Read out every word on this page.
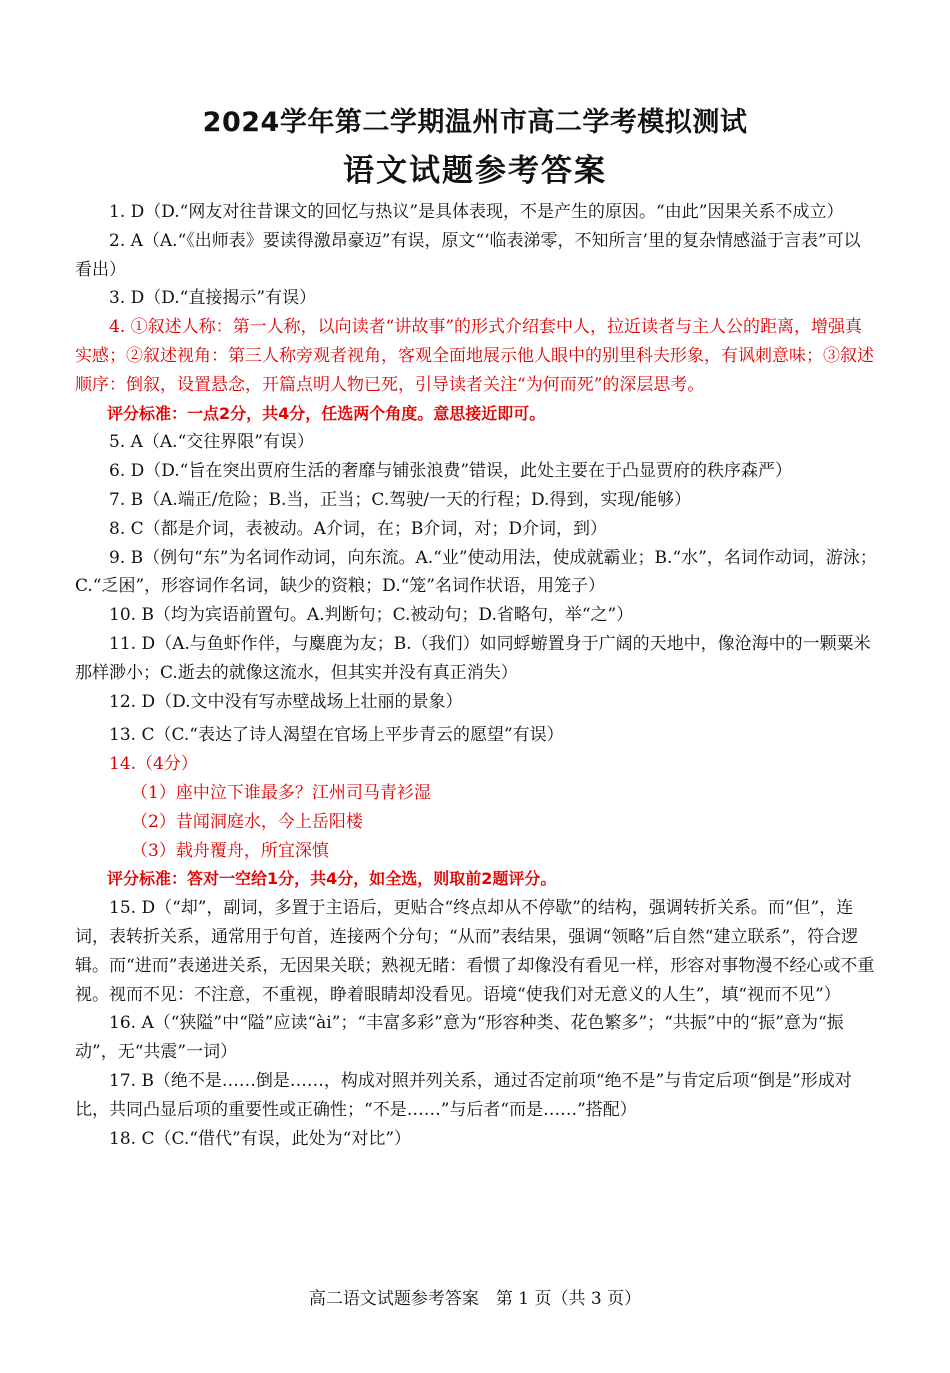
2024学年第二学期温州市高二学考模拟测试
语文试题参考答案

1. D（D.“网友对往昔课文的回忆与热议”是具体表现，不是产生的原因。“由此”因果关系不成立）

2. A（A.“《出师表》要读得激昂豪迈”有误，原文“‘临表涕零，不知所言’里的复杂情感溢于言表”可以看出）

3. D（D.“直接揭示”有误）

4. ①叙述人称：第一人称，以向读者“讲故事”的形式介绍套中人，拉近读者与主人公的距离，增强真实感；②叙述视角：第三人称旁观者视角，客观全面地展示他人眼中的别里科夫形象，有讽刺意味；③叙述顺序：倒叙，设置悬念，开篇点明人物已死，引导读者关注“为何而死”的深层思考。

评分标准：一点2分，共4分，任选两个角度。意思接近即可。

5. A（A.“交往界限”有误）

6. D（D.“旨在突出贾府生活的奢靡与铺张浪费”错误，此处主要在于凸显贾府的秩序森严）

7. B（A.端正/危险；B.当，正当；C.驾驶/一天的行程；D.得到，实现/能够）

8. C（都是介词，表被动。A介词，在；B介词，对；D介词，到）

9. B（例句“东”为名词作动词，向东流。A.“业”使动用法，使成就霸业；B.“水”，名词作动词，游泳；C.“乏困”，形容词作名词，缺少的资粮；D.“笼”名词作状语，用笼子）

10. B（均为宾语前置句。A.判断句；C.被动句；D.省略句，举“之”）

11. D（A.与鱼虾作伴，与麋鹿为友；B.（我们）如同蜉蝣置身于广阔的天地中，像沧海中的一颗粟米那样渺小；C.逝去的就像这流水，但其实并没有真正消失）

12. D（D.文中没有写赤壁战场上壮丽的景象）

13. C（C.“表达了诗人渴望在官场上平步青云的愿望”有误）

14.（4分）

（1）座中泣下谁最多？江州司马青衫湿

（2）昔闻洞庭水，今上岳阳楼

（3）载舟覆舟，所宜深慎

评分标准：答对一空给1分，共4分，如全选，则取前2题评分。

15. D（“却”，副词，多置于主语后，更贴合“终点却从不停歇”的结构，强调转折关系。而“但”，连词，表转折关系，通常用于句首，连接两个分句；“从而”表结果，强调“领略”后自然“建立联系”，符合逻辑。而“进而”表递进关系，无因果关联；熟视无睹：看惯了却像没有看见一样，形容对事物漫不经心或不重视。视而不见：不注意，不重视，睁着眼睛却没看见。语境“使我们对无意义的人生”，填“视而不见”）

16. A（“狭隘”中“隘”应读“ài”；“丰富多彩”意为“形容种类、花色繁多”；“共振”中的“振”意为“振动”，无“共震”一词）

17. B（绝不是……倒是……，构成对照并列关系，通过否定前项“绝不是”与肯定后项“倒是”形成对比，共同凸显后项的重要性或正确性；“不是……”与后者“而是……”搭配）

18. C（C.“借代”有误，此处为“对比”）

高二语文试题参考答案　第 1 页（共 3 页）
